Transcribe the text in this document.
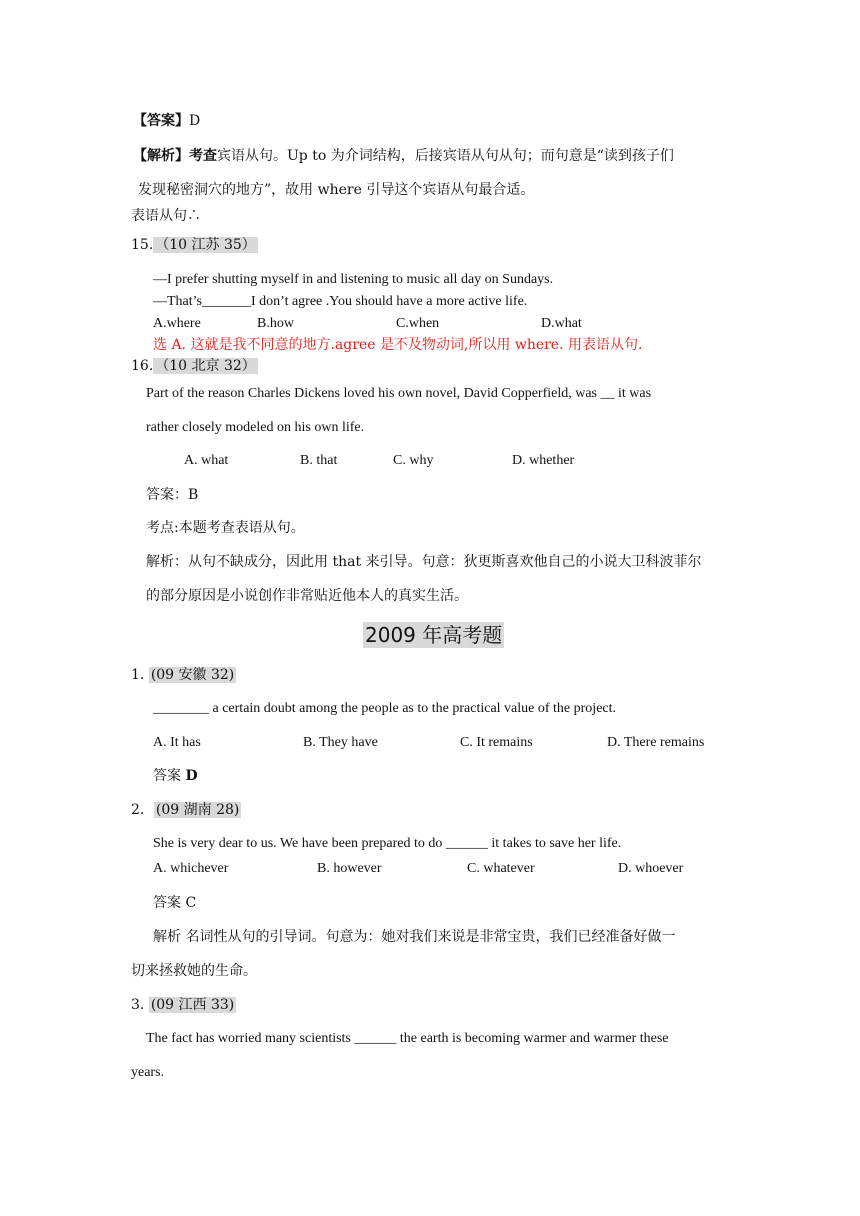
【答案】D
【解析】考查宾语从句。Up to 为介词结构，后接宾语从句从句；而句意是“读到孩子们
发现秘密洞穴的地方”，故用 where 引导这个宾语从句最合适。
表语从句∴
15. （10 江苏 35）
—I prefer shutting myself in and listening to music all day on Sundays.
—That’s_______I don’t agree .You should have a more active life.
A.where	B.how	C.when	D.what
选 A. 这就是我不同意的地方.agree 是不及物动词,所以用 where. 用表语从句.
16. （10 北京 32）
Part of the reason Charles Dickens loved his own novel, David Copperfield, was __ it was
rather closely modeled on his own life.
A. what	B. that	C. why	D. whether
答案：B
考点:本题考查表语从句。
解析：从句不缺成分，因此用 that 来引导。句意：狄更斯喜欢他自己的小说大卫科波菲尔
的部分原因是小说创作非常贴近他本人的真实生活。
2009 年高考题
1. (09 安徽 32)
________ a certain doubt among the people as to the practical value of the project.
A. It has	B. They have	C. It remains	D. There remains
答案 D
2． (09 湖南 28)
She is very dear to us. We have been prepared to do ______ it takes to save her life.
A. whichever	B. however	C. whatever	D. whoever
答案 C
解析 名词性从句的引导词。句意为：她对我们来说是非常宝贵，我们已经准备好做一
切来拯救她的生命。
3. (09 江西 33)
The fact has worried many scientists ______ the earth is becoming warmer and warmer these
years.
